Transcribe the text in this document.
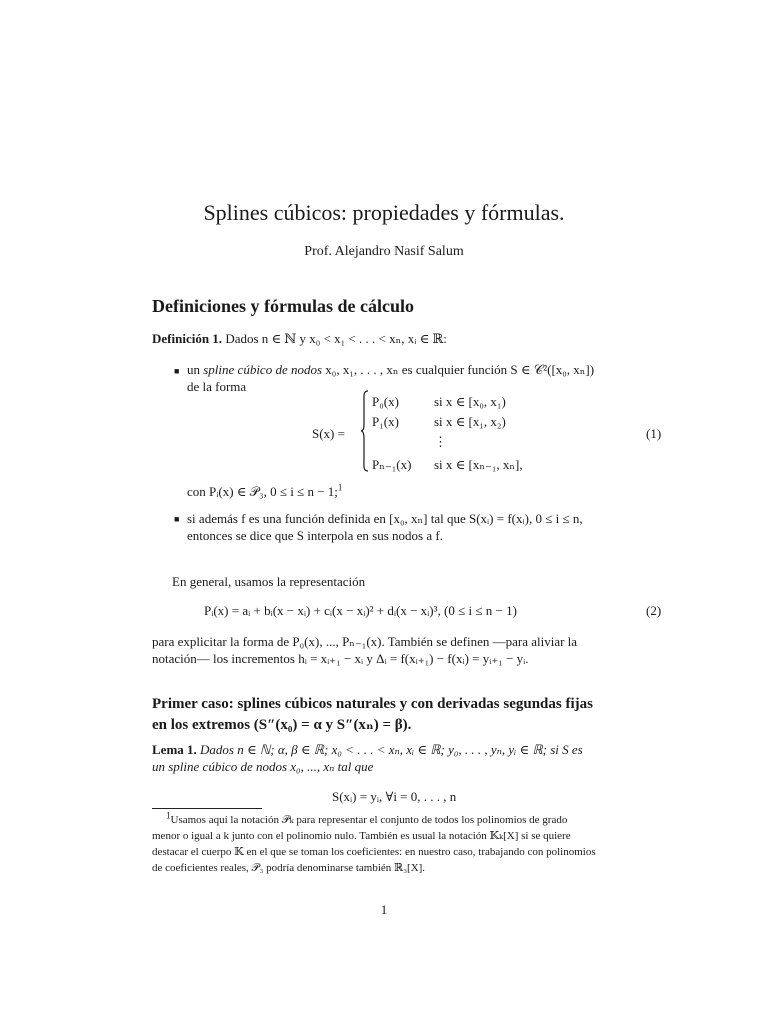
Splines cúbicos: propiedades y fórmulas.
Prof. Alejandro Nasif Salum
Definiciones y fórmulas de cálculo
Definición 1. Dados n ∈ ℕ y x₀ < x₁ < . . . < xₙ, xᵢ ∈ ℝ:
■ un spline cúbico de nodos x₀, x₁, . . . , xₙ es cualquier función S ∈ 𝒞²([x₀, xₙ])
de la forma
S(x) =
P₀(x)	si x ∈ [x₀, x₁)
P₁(x)	si x ∈ [x₁, x₂)
⋮
Pₙ₋₁(x) si x ∈ [xₙ₋₁, xₙ],
(1)
con Pᵢ(x) ∈ 𝒫₃, 0 ≤ i ≤ n − 1;$^1$
■ si además f es una función definida en [x₀, xₙ] tal que S(xᵢ) = f(xᵢ), 0 ≤ i ≤ n,
entonces se dice que S interpola en sus nodos a f.
En general, usamos la representación
Pᵢ(x) = aᵢ + bᵢ(x − xᵢ) + cᵢ(x − xᵢ)² + dᵢ(x − xᵢ)³, (0 ≤ i ≤ n − 1)	(2)
para explicitar la forma de P₀(x), ..., Pₙ₋₁(x). También se definen —para aliviar la
notación— los incrementos hᵢ = xᵢ₊₁ − xᵢ y Δᵢ = f(xᵢ₊₁) − f(xᵢ) = yᵢ₊₁ − yᵢ.
Primer caso: splines cúbicos naturales y con derivadas segundas fijas
en los extremos (S″(x₀) = α y S″(xₙ) = β).
Lema 1. Dados n ∈ ℕ; α, β ∈ ℝ; x₀ < . . . < xₙ, xᵢ ∈ ℝ; y₀, . . . , yₙ, yᵢ ∈ ℝ; si S es
un spline cúbico de nodos x₀, ..., xₙ tal que
S(xᵢ) = yᵢ, ∀i = 0, . . . , n
$^1$Usamos aquí la notación 𝒫ₖ para representar el conjunto de todos los polinomios de grado
menor o igual a k junto con el polinomio nulo. También es usual la notación 𝕂ₖ[X] si se quiere
destacar el cuerpo 𝕂 en el que se toman los coeficientes: en nuestro caso, trabajando con polinomios
de coeficientes reales, 𝒫₃ podría denominarse también ℝ₃[X].
1
